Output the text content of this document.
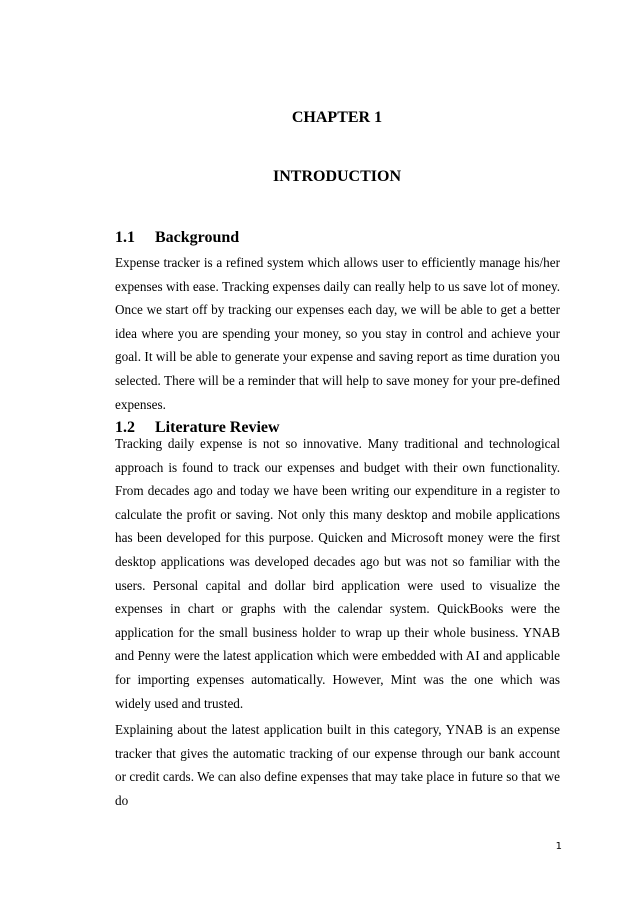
CHAPTER 1
INTRODUCTION
1.1 Background

Expense tracker is a refined system which allows user to efficiently manage his/her expenses with ease. Tracking expenses daily can really help to us save lot of money. Once we start off by tracking our expenses each day, we will be able to get a better idea where you are spending your money, so you stay in control and achieve your goal. It will be able to generate your expense and saving report as time duration you selected. There will be a reminder that will help to save money for your pre-defined expenses.

1.2 Literature Review

Tracking daily expense is not so innovative. Many traditional and technological approach is found to track our expenses and budget with their own functionality. From decades ago and today we have been writing our expenditure in a register to calculate the profit or saving. Not only this many desktop and mobile applications has been developed for this purpose. Quicken and Microsoft money were the first desktop applications was developed decades ago but was not so familiar with the users. Personal capital and dollar bird application were used to visualize the expenses in chart or graphs with the calendar system. QuickBooks were the application for the small business holder to wrap up their whole business. YNAB and Penny were the latest application which were embedded with AI and applicable for importing expenses automatically. However, Mint was the one which was widely used and trusted.

Explaining about the latest application built in this category, YNAB is an expense tracker that gives the automatic tracking of our expense through our bank account or credit cards. We can also define expenses that may take place in future so that we do

1
